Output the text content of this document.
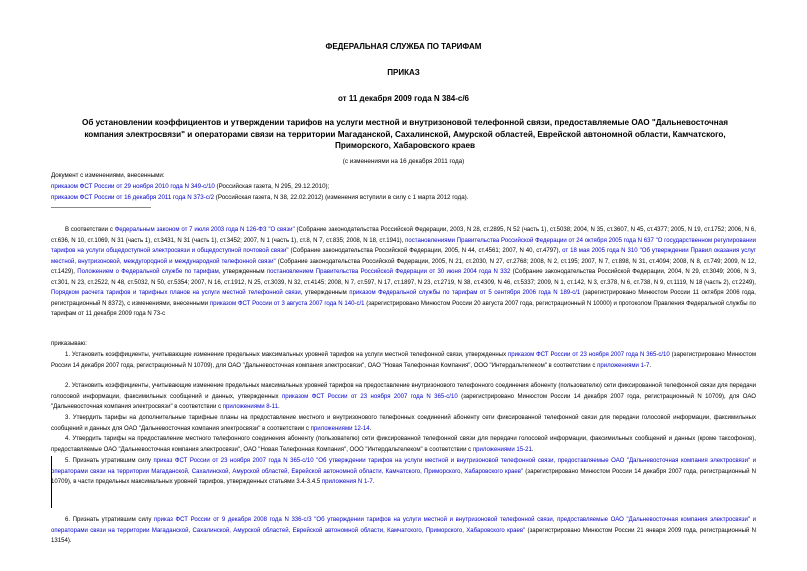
ФЕДЕРАЛЬНАЯ СЛУЖБА ПО ТАРИФАМ
ПРИКАЗ
от 11 декабря 2009 года N 384-с/6
Об установлении коэффициентов и утверждении тарифов на услуги местной и внутризоновой телефонной связи, предоставляемые ОАО "Дальневосточная
компания электросвязи" и операторами связи на территории Магаданской, Сахалинской, Амурской областей, Еврейской автономной области, Камчатского,
Приморского, Хабаровского краев
(с изменениями на 16 декабря 2011 года)
Документ с изменениями, внесенными:
приказом ФСТ России от 29 ноября 2010 года N 349-с/10 (Российская газета, N 295, 29.12.2010);
приказом ФСТ России от 16 декабря 2011 года N 373-с/2 (Российская газета, N 38, 22.02.2012) (изменения вступили в силу с 1 марта 2012 года).
В соответствии с Федеральным законом от 7 июля 2003 года N 126-ФЗ "О связи" (Собрание законодательства Российской Федерации, 2003, N 28, ст.2895, N 52 (часть 1), ст.5038; 2004, N 35, ст.3607, N 45, ст.4377; 2005, N 19, ст.1752; 2006, N 6, ст.636, N 10, ст.1069, N 31 (часть 1), ст.3431, N 31 (часть 1), ст.3452; 2007, N 1 (часть 1), ст.8, N 7, ст.835; 2008, N 18, ст.1941), постановлениями Правительства Российской Федерации от 24 октября 2005 года N 637 "О государственном регулировании тарифов на услуги общедоступной электросвязи и общедоступной почтовой связи" (Собрание законодательства Российской Федерации, 2005, N 44, ст.4561; 2007, N 40, ст.4797), от 18 мая 2005 года N 310 "Об утверждении Правил оказания услуг местной, внутризоновой, междугородной и международной телефонной связи" (Собрание законодательства Российской Федерации, 2005, N 21, ст.2030, N 27, ст.2768; 2008, N 2, ст.195; 2007, N 7, ст.898, N 31, ст.4094; 2008, N 8, ст.749; 2009, N 12, ст.1429), Положением о Федеральной службе по тарифам, утвержденным постановлением Правительства Российской Федерации от 30 июня 2004 года N 332 (Собрание законодательства Российской Федерации, 2004, N 29, ст.3049; 2006, N 3, ст.301, N 23, ст.2522, N 48, ст.5032, N 50, ст.5354; 2007, N 16, ст.1912, N 25, ст.3039, N 32, ст.4145; 2008, N 7, ст.597, N 17, ст.1897, N 23, ст.2719, N 38, ст.4309, N 46, ст.5337; 2009, N 1, ст.142, N 3, ст.378, N 6, ст.738, N 9, ст.1119, N 18 (часть 2), ст.2249), Порядком расчета тарифов и тарифных планов на услуги местной телефонной связи, утвержденным приказом Федеральной службы по тарифам от 5 сентября 2006 года N 189-с/1 (зарегистрировано Минюстом России 11 октября 2006 года, регистрационный N 8372), с изменениями, внесенными приказом ФСТ России от 3 августа 2007 года N 140-с/1 (зарегистрировано Минюстом России 20 августа 2007 года, регистрационный N 10000) и протоколом Правления Федеральной службы по тарифам от 11 декабря 2009 года N 73-с
приказываю:
1. Установить коэффициенты, учитывающие изменение предельных максимальных уровней тарифов на услуги местной телефонной связи, утвержденных приказом ФСТ России от 23 ноября 2007 года N 365-с/10 (зарегистрировано Минюстом России 14 декабря 2007 года, регистрационный N 10709), для ОАО "Дальневосточная компания электросвязи", ОАО "Новая Телефонная Компания", ООО "Интердальтелеком" в соответствии с приложениями 1-7.
2. Установить коэффициенты, учитывающие изменение предельных максимальных уровней тарифов на предоставление внутризонового телефонного соединения абоненту (пользователю) сети фиксированной телефонной связи для передачи голосовой информации, факсимильных сообщений и данных, утвержденных приказом ФСТ России от 23 ноября 2007 года N 365-с/10 (зарегистрировано Минюстом России 14 декабря 2007 года, регистрационный N 10709), для ОАО "Дальневосточная компания электросвязи" в соответствии с приложениями 8-11.
3. Утвердить тарифы на дополнительные тарифные планы на предоставление местного и внутризонового телефонных соединений абоненту сети фиксированной телефонной связи для передачи голосовой информации, факсимильных сообщений и данных для ОАО "Дальневосточная компания электросвязи" в соответствии с приложениями 12-14.
4. Утвердить тарифы на предоставление местного телефонного соединения абоненту (пользователю) сети фиксированной телефонной связи для передачи голосовой информации, факсимильных сообщений и данных (кроме таксофонов), предоставляемые ОАО "Дальневосточная компания электросвязи", ОАО "Новая Телефонная Компания", ООО "Интердальтелеком" в соответствии с приложениями 15-21.
5. Признать утратившим силу приказ ФСТ России от 23 ноября 2007 года N 365-с/10 "Об утверждении тарифов на услуги местной и внутризоновой телефонной связи, предоставляемые ОАО "Дальневосточная компания электросвязи" и операторами связи на территории Магаданской, Сахалинской, Амурской областей, Еврейской автономной области, Камчатского, Приморского, Хабаровского краев" (зарегистрировано Минюстом России 14 декабря 2007 года, регистрационный N 10709), в части предельных максимальных уровней тарифов, утвержденных статьями 3.4-3.4.5 приложения N 1-7.
6. Признать утратившим силу приказ ФСТ России от 9 декабря 2008 года N 336-с/3 "Об утверждении тарифов на услуги местной и внутризоновой телефонной связи, предоставляемые ОАО "Дальневосточная компания электросвязи" и операторами связи на территории Магаданской, Сахалинской, Амурской областей, Еврейской автономной области, Камчатского, Приморского, Хабаровского краев" (зарегистрировано Минюстом России 21 января 2009 года, регистрационный N 13154).
